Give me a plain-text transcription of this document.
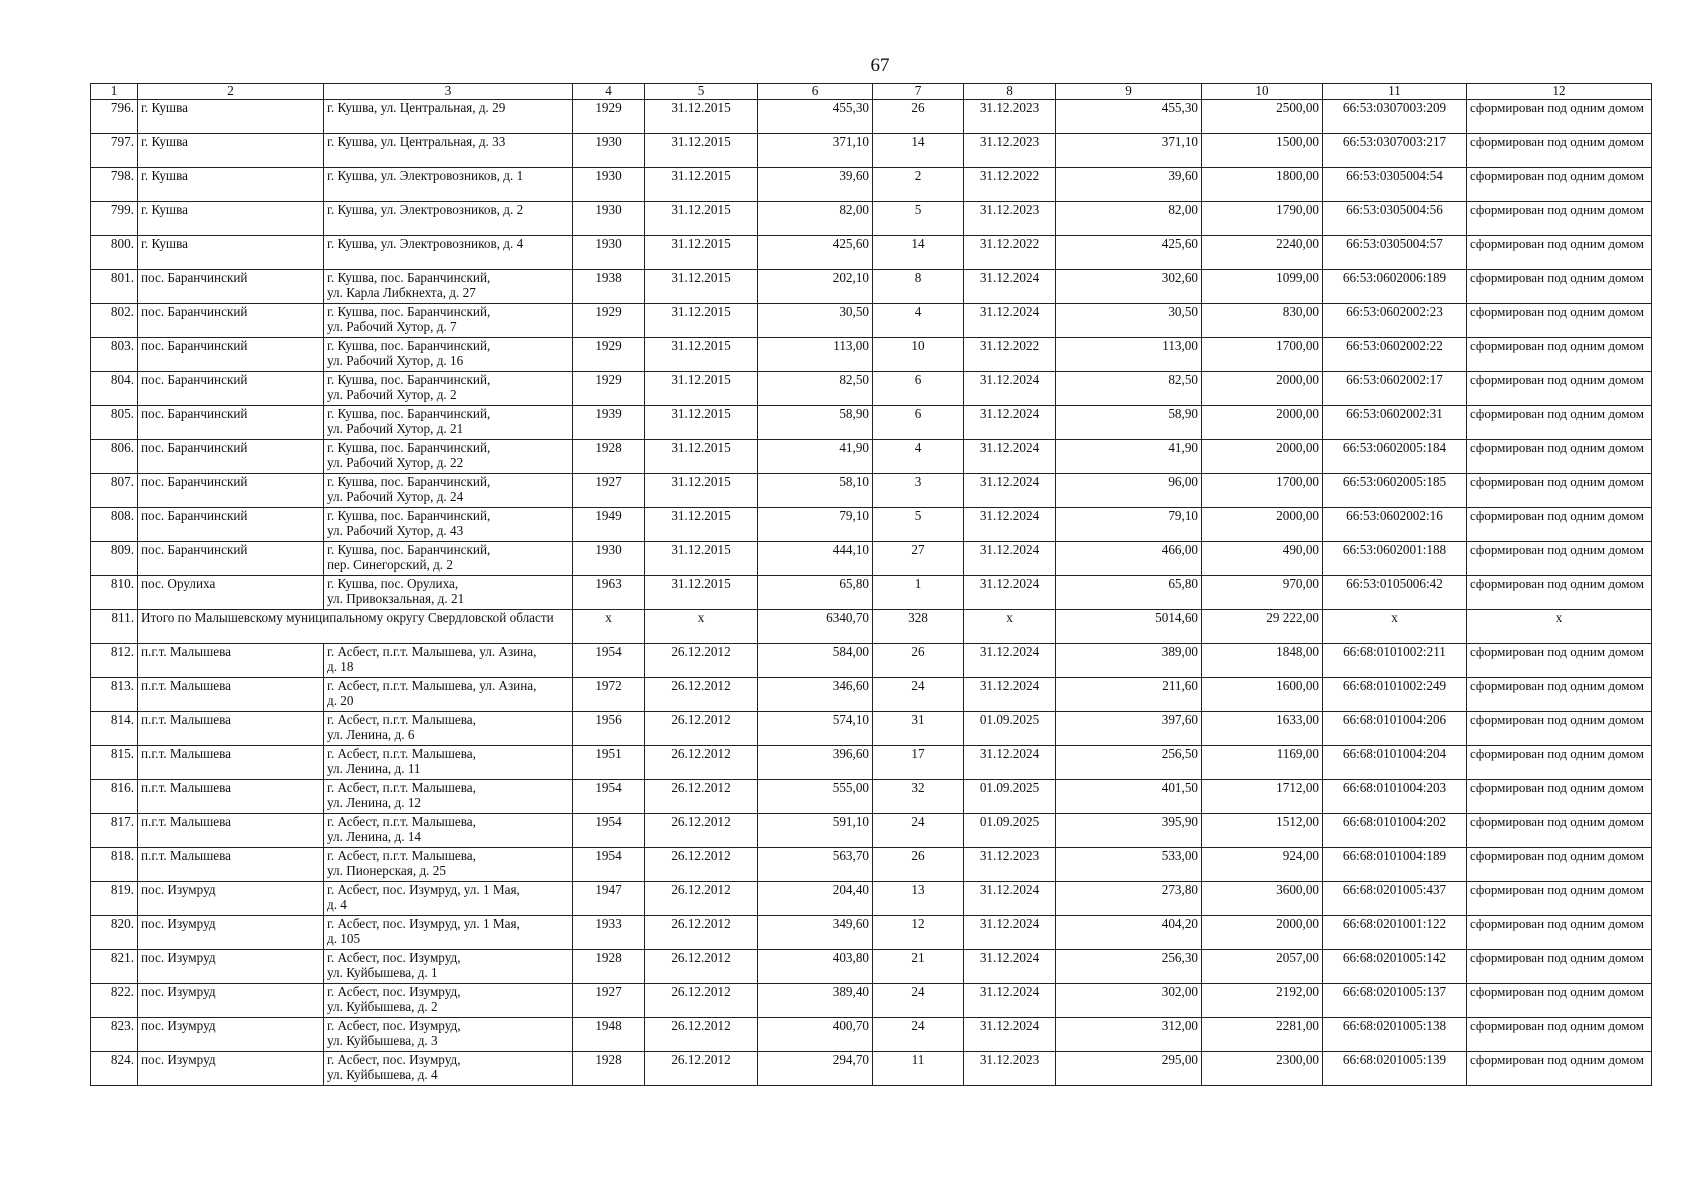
67
1	2	3	4	5	6	7	8	9	10	11	12
796.	г. Кушва	г. Кушва, ул. Центральная, д. 29	1929	31.12.2015	455,30	26	31.12.2023	455,30	2500,00	66:53:0307003:209	сформирован под одним домом
797.	г. Кушва	г. Кушва, ул. Центральная, д. 33	1930	31.12.2015	371,10	14	31.12.2023	371,10	1500,00	66:53:0307003:217	сформирован под одним домом
798.	г. Кушва	г. Кушва, ул. Электровозников, д. 1	1930	31.12.2015	39,60	2	31.12.2022	39,60	1800,00	66:53:0305004:54	сформирован под одним домом
799.	г. Кушва	г. Кушва, ул. Электровозников, д. 2	1930	31.12.2015	82,00	5	31.12.2023	82,00	1790,00	66:53:0305004:56	сформирован под одним домом
800.	г. Кушва	г. Кушва, ул. Электровозников, д. 4	1930	31.12.2015	425,60	14	31.12.2022	425,60	2240,00	66:53:0305004:57	сформирован под одним домом
801.	пос. Баранчинский	г. Кушва, пос. Баранчинский,
ул. Карла Либкнехта, д. 27	1938	31.12.2015	202,10	8	31.12.2024	302,60	1099,00	66:53:0602006:189	сформирован под одним домом
802.	пос. Баранчинский	г. Кушва, пос. Баранчинский,
ул. Рабочий Хутор, д. 7	1929	31.12.2015	30,50	4	31.12.2024	30,50	830,00	66:53:0602002:23	сформирован под одним домом
803.	пос. Баранчинский	г. Кушва, пос. Баранчинский,
ул. Рабочий Хутор, д. 16	1929	31.12.2015	113,00	10	31.12.2022	113,00	1700,00	66:53:0602002:22	сформирован под одним домом
804.	пос. Баранчинский	г. Кушва, пос. Баранчинский,
ул. Рабочий Хутор, д. 2	1929	31.12.2015	82,50	6	31.12.2024	82,50	2000,00	66:53:0602002:17	сформирован под одним домом
805.	пос. Баранчинский	г. Кушва, пос. Баранчинский,
ул. Рабочий Хутор, д. 21	1939	31.12.2015	58,90	6	31.12.2024	58,90	2000,00	66:53:0602002:31	сформирован под одним домом
806.	пос. Баранчинский	г. Кушва, пос. Баранчинский,
ул. Рабочий Хутор, д. 22	1928	31.12.2015	41,90	4	31.12.2024	41,90	2000,00	66:53:0602005:184	сформирован под одним домом
807.	пос. Баранчинский	г. Кушва, пос. Баранчинский,
ул. Рабочий Хутор, д. 24	1927	31.12.2015	58,10	3	31.12.2024	96,00	1700,00	66:53:0602005:185	сформирован под одним домом
808.	пос. Баранчинский	г. Кушва, пос. Баранчинский,
ул. Рабочий Хутор, д. 43	1949	31.12.2015	79,10	5	31.12.2024	79,10	2000,00	66:53:0602002:16	сформирован под одним домом
809.	пос. Баранчинский	г. Кушва, пос. Баранчинский,
пер. Синегорский, д. 2	1930	31.12.2015	444,10	27	31.12.2024	466,00	490,00	66:53:0602001:188	сформирован под одним домом
810.	пос. Орулиха	г. Кушва, пос. Орулиха,
ул. Привокзальная, д. 21	1963	31.12.2015	65,80	1	31.12.2024	65,80	970,00	66:53:0105006:42	сформирован под одним домом
811.	Итого по Малышевскому муниципальному округу Свердловской области		x	x	6340,70	328	x	5014,60	29 222,00	x	x
812.	п.г.т. Малышева	г. Асбест, п.г.т. Малышева, ул. Азина,
д. 18	1954	26.12.2012	584,00	26	31.12.2024	389,00	1848,00	66:68:0101002:211	сформирован под одним домом
813.	п.г.т. Малышева	г. Асбест, п.г.т. Малышева, ул. Азина,
д. 20	1972	26.12.2012	346,60	24	31.12.2024	211,60	1600,00	66:68:0101002:249	сформирован под одним домом
814.	п.г.т. Малышева	г. Асбест, п.г.т. Малышева,
ул. Ленина, д. 6	1956	26.12.2012	574,10	31	01.09.2025	397,60	1633,00	66:68:0101004:206	сформирован под одним домом
815.	п.г.т. Малышева	г. Асбест, п.г.т. Малышева,
ул. Ленина, д. 11	1951	26.12.2012	396,60	17	31.12.2024	256,50	1169,00	66:68:0101004:204	сформирован под одним домом
816.	п.г.т. Малышева	г. Асбест, п.г.т. Малышева,
ул. Ленина, д. 12	1954	26.12.2012	555,00	32	01.09.2025	401,50	1712,00	66:68:0101004:203	сформирован под одним домом
817.	п.г.т. Малышева	г. Асбест, п.г.т. Малышева,
ул. Ленина, д. 14	1954	26.12.2012	591,10	24	01.09.2025	395,90	1512,00	66:68:0101004:202	сформирован под одним домом
818.	п.г.т. Малышева	г. Асбест, п.г.т. Малышева,
ул. Пионерская, д. 25	1954	26.12.2012	563,70	26	31.12.2023	533,00	924,00	66:68:0101004:189	сформирован под одним домом
819.	пос. Изумруд	г. Асбест, пос. Изумруд, ул. 1 Мая,
д. 4	1947	26.12.2012	204,40	13	31.12.2024	273,80	3600,00	66:68:0201005:437	сформирован под одним домом
820.	пос. Изумруд	г. Асбест, пос. Изумруд, ул. 1 Мая,
д. 105	1933	26.12.2012	349,60	12	31.12.2024	404,20	2000,00	66:68:0201001:122	сформирован под одним домом
821.	пос. Изумруд	г. Асбест, пос. Изумруд,
ул. Куйбышева, д. 1	1928	26.12.2012	403,80	21	31.12.2024	256,30	2057,00	66:68:0201005:142	сформирован под одним домом
822.	пос. Изумруд	г. Асбест, пос. Изумруд,
ул. Куйбышева, д. 2	1927	26.12.2012	389,40	24	31.12.2024	302,00	2192,00	66:68:0201005:137	сформирован под одним домом
823.	пос. Изумруд	г. Асбест, пос. Изумруд,
ул. Куйбышева, д. 3	1948	26.12.2012	400,70	24	31.12.2024	312,00	2281,00	66:68:0201005:138	сформирован под одним домом
824.	пос. Изумруд	г. Асбест, пос. Изумруд,
ул. Куйбышева, д. 4	1928	26.12.2012	294,70	11	31.12.2023	295,00	2300,00	66:68:0201005:139	сформирован под одним домом
